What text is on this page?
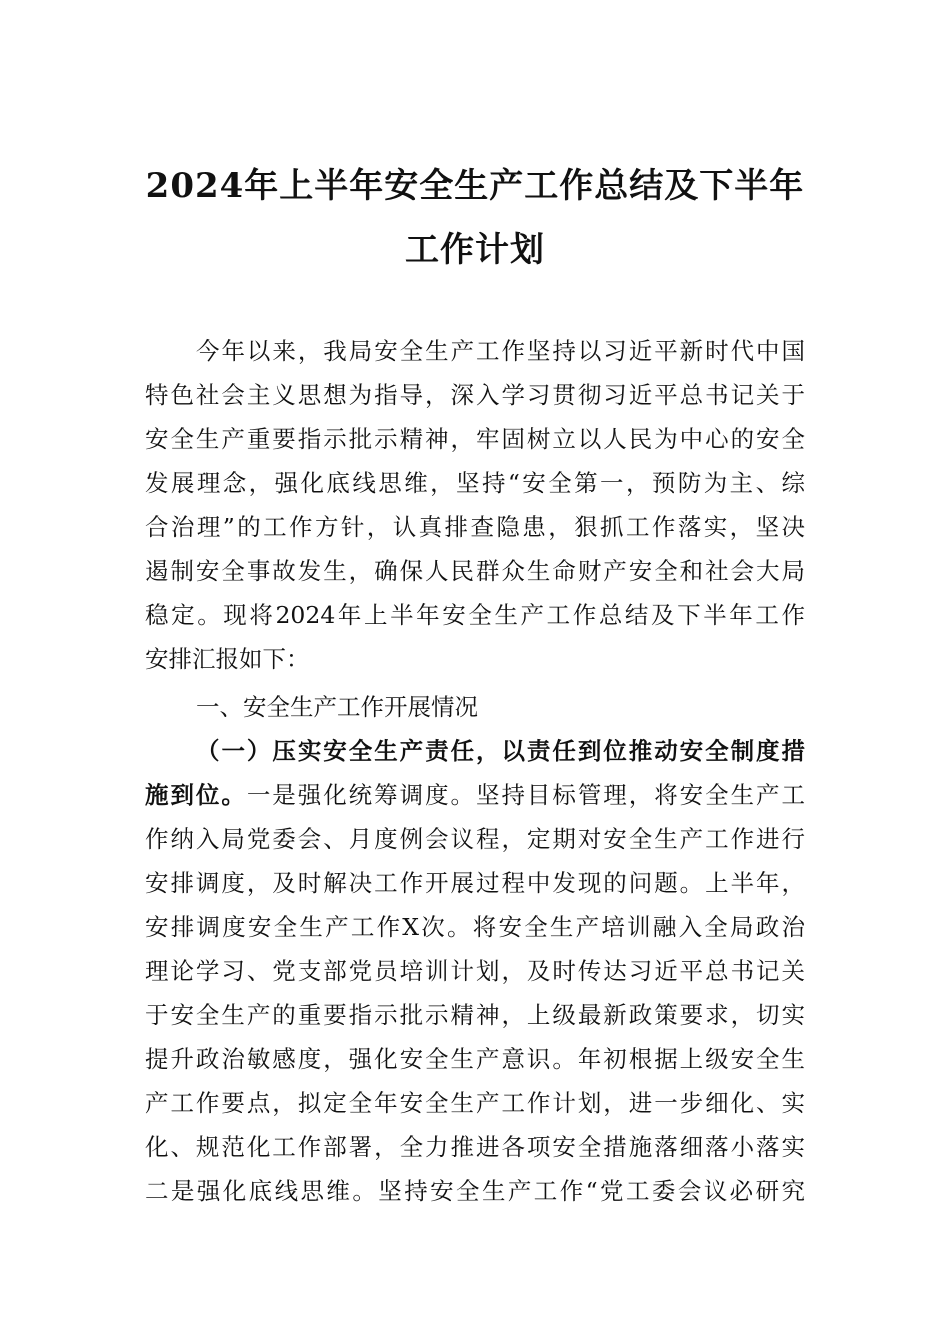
2024年上半年安全生产工作总结及下半年
工作计划

今年以来，我局安全生产工作坚持以习近平新时代中国

特色社会主义思想为指导，深入学习贯彻习近平总书记关于

安全生产重要指示批示精神，牢固树立以人民为中心的安全

发展理念，强化底线思维，坚持“安全第一，预防为主、综

合治理”的工作方针，认真排查隐患，狠抓工作落实，坚决

遏制安全事故发生，确保人民群众生命财产安全和社会大局

稳定。现将2024年上半年安全生产工作总结及下半年工作

安排汇报如下：

一、安全生产工作开展情况

（一）压实安全生产责任，以责任到位推动安全制度措

施到位。一是强化统筹调度。坚持目标管理，将安全生产工

作纳入局党委会、月度例会议程，定期对安全生产工作进行

安排调度，及时解决工作开展过程中发现的问题。上半年，

安排调度安全生产工作X次。将安全生产培训融入全局政治

理论学习、党支部党员培训计划，及时传达习近平总书记关

于安全生产的重要指示批示精神，上级最新政策要求，切实

提升政治敏感度，强化安全生产意识。年初根据上级安全生

产工作要点，拟定全年安全生产工作计划，进一步细化、实

化、规范化工作部署，全力推进各项安全措施落细落小落实

二是强化底线思维。坚持安全生产工作“党工委会议必研究
